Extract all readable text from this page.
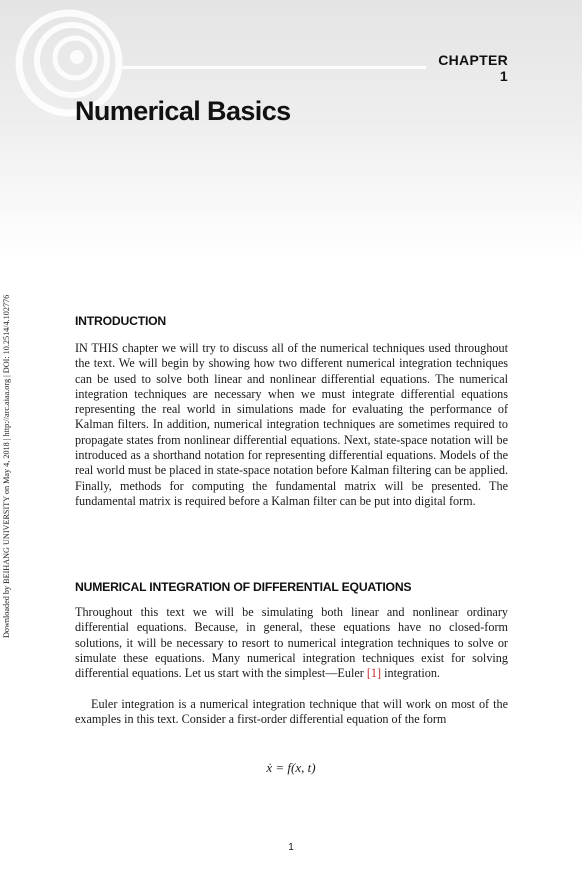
CHAPTER 1
Numerical Basics
Downloaded by BEIHANG UNIVERSITY on May 4, 2018 | http://arc.aiaa.org | DOI: 10.2514/4.102776	INTRODUCTION

IN THIS chapter we will try to discuss all of the numerical techniques used throughout the text. We will begin by showing how two different numerical integration techniques can be used to solve both linear and nonlinear differential equations. The numerical integration techniques are necessary when we must integrate differential equations representing the real world in simulations made for evaluating the performance of Kalman filters. In addition, numerical integration techniques are sometimes required to propagate states from nonlinear differential equations. Next, state-space notation will be introduced as a shorthand notation for representing differential equations. Models of the real world must be placed in state-space notation before Kalman filtering can be applied. Finally, methods for computing the fundamental matrix will be presented. The fundamental matrix is required before a Kalman filter can be put into digital form.

NUMERICAL INTEGRATION OF DIFFERENTIAL EQUATIONS

Throughout this text we will be simulating both linear and nonlinear ordinary differential equations. Because, in general, these equations have no closed-form solutions, it will be necessary to resort to numerical integration techniques to solve or simulate these equations. Many numerical integration techniques exist for solving differential equations. Let us start with the simplest—Euler [1] integration.

Euler integration is a numerical integration technique that will work on most of the examples in this text. Consider a first-order differential equation of the form

ẋ = f(x, t)
1
